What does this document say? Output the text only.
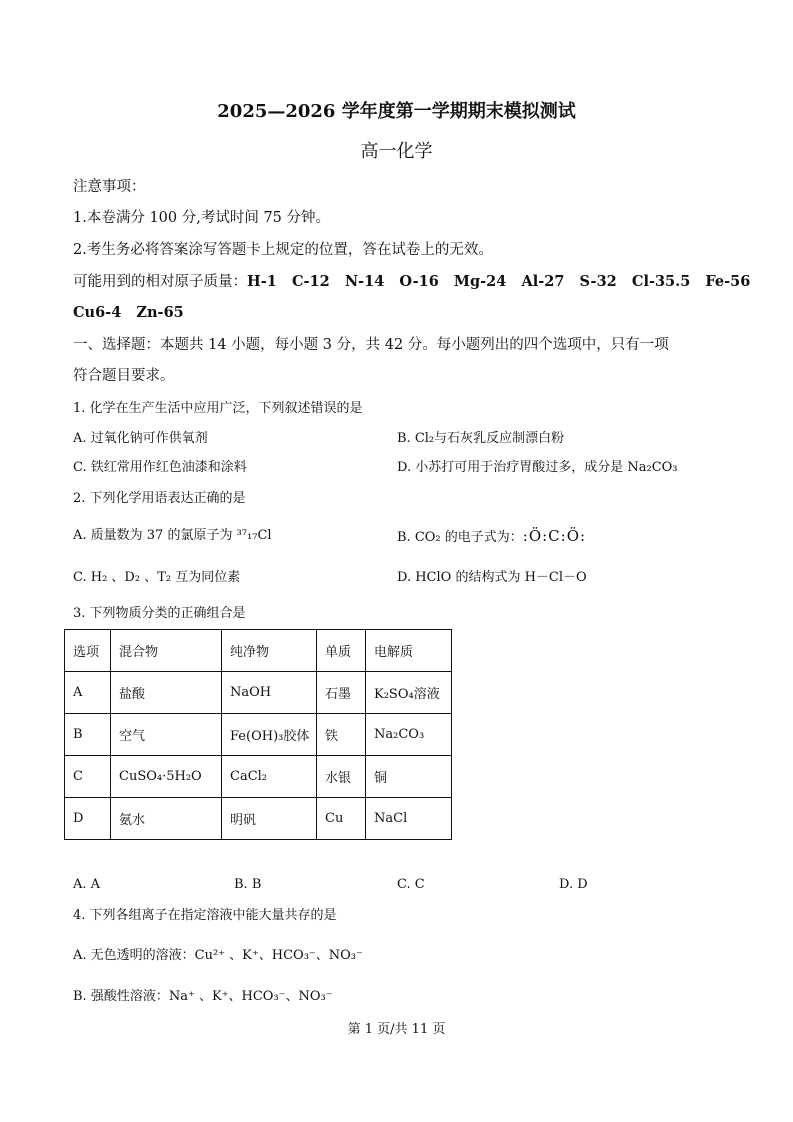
2025—2026 学年度第一学期期末模拟测试
高一化学
注意事项：
1.本卷满分 100 分,考试时间 75 分钟。
2.考生务必将答案涂写答题卡上规定的位置，答在试卷上的无效。
可能用到的相对原子质量：H-1   C-12   N-14   O-16   Mg-24   Al-27   S-32   Cl-35.5   Fe-56
Cu6-4   Zn-65
一、选择题：本题共 14 小题，每小题 3 分，共 42 分。每小题列出的四个选项中，只有一项
符合题目要求。
1. 化学在生产生活中应用广泛，下列叙述错误的是
A. 过氧化钠可作供氧剂	B. Cl₂与石灰乳反应制漂白粉
C. 铁红常用作红色油漆和涂料	D. 小苏打可用于治疗胃酸过多，成分是 Na₂CO₃
2. 下列化学用语表达正确的是
A. 质量数为 37 的氯原子为 ³⁷₁₇Cl	B. CO₂ 的电子式为：:Ö:C:Ö:
C. H₂ 、D₂ 、T₂ 互为同位素	D. HClO 的结构式为 H－Cl－O
3. 下列物质分类的正确组合是
选项	混合物	纯净物	单质	电解质
A	盐酸	NaOH	石墨	K₂SO₄溶液
B	空气	Fe(OH)₃胶体	铁	Na₂CO₃
C	CuSO₄·5H₂O	CaCl₂	水银	铜
D	氨水	明矾	Cu	NaCl
A. A	B. B	C. C	D. D
4. 下列各组离子在指定溶液中能大量共存的是
A. 无色透明的溶液：Cu²⁺ 、K⁺、HCO₃⁻、NO₃⁻
B. 强酸性溶液：Na⁺ 、K⁺、HCO₃⁻、NO₃⁻
第 1 页/共 11 页
